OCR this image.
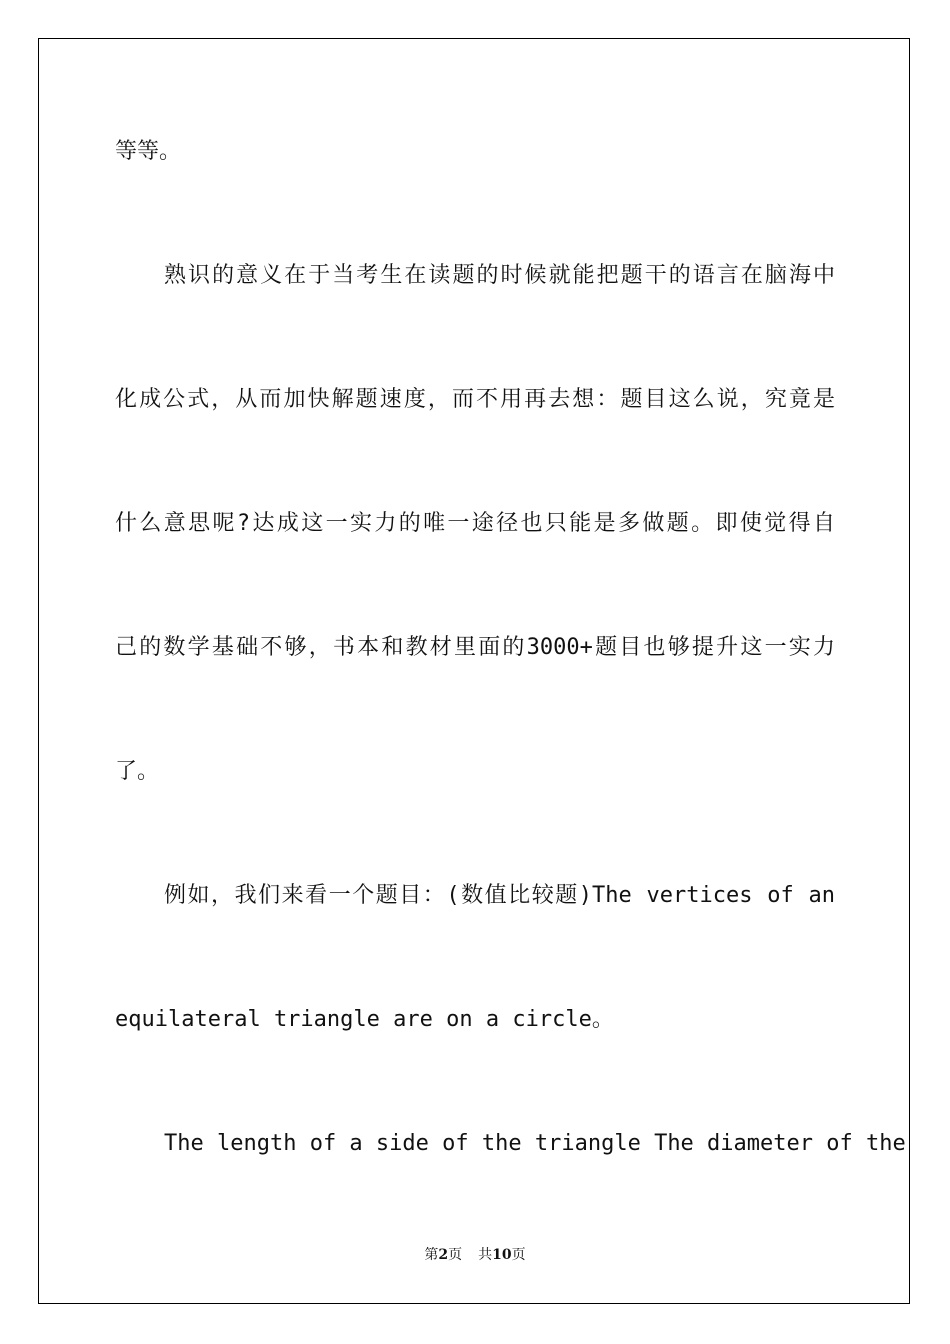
等等。
熟识的意义在于当考生在读题的时候就能把题干的语言在脑海中
化成公式，从而加快解题速度，而不用再去想：题目这么说，究竟是
什么意思呢?达成这一实力的唯一途径也只能是多做题。即使觉得自
己的数学基础不够，书本和教材里面的3000+题目也够提升这一实力
了。
例如，我们来看一个题目：(数值比较题)The vertices of an
equilateral triangle are on a circle。
The length of a side of the triangle The diameter of the
第2页 共10页
